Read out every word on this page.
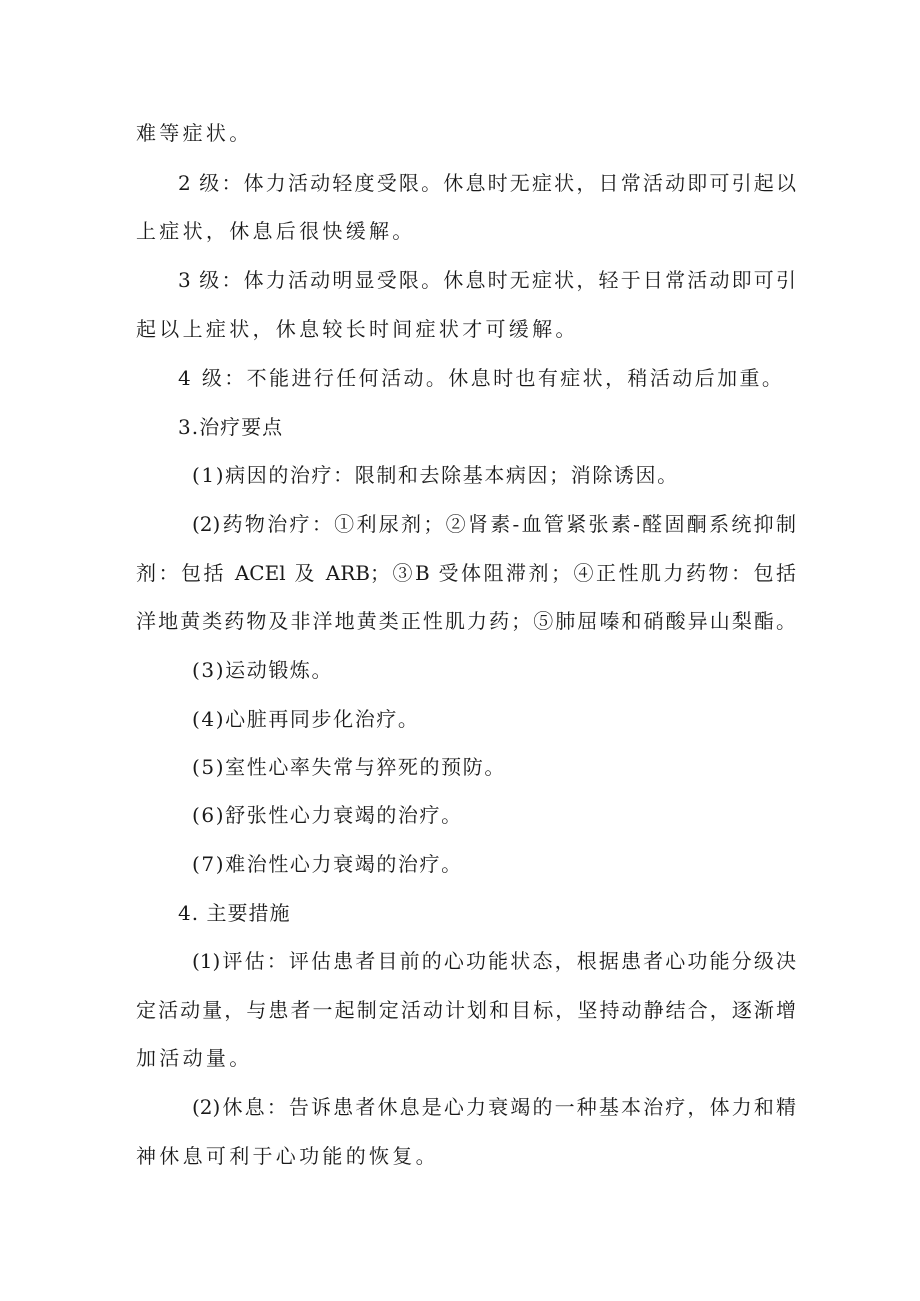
难等症状。
2 级：体力活动轻度受限。休息时无症状，日常活动即可引起以
上症状，休息后很快缓解。
3 级：体力活动明显受限。休息时无症状，轻于日常活动即可引
起以上症状，休息较长时间症状才可缓解。
4 级：不能进行任何活动。休息时也有症状，稍活动后加重。
3.治疗要点
(1)病因的治疗：限制和去除基本病因；消除诱因。
(2)药物治疗：①利尿剂；②肾素-血管紧张素-醛固酮系统抑制
剂：包括 ACEl 及 ARB；③B 受体阻滞剂；④正性肌力药物：包括
洋地黄类药物及非洋地黄类正性肌力药；⑤肺屈嗪和硝酸异山梨酯。
(3)运动锻炼。
(4)心脏再同步化治疗。
(5)室性心率失常与猝死的预防。
(6)舒张性心力衰竭的治疗。
(7)难治性心力衰竭的治疗。
4. 主要措施
(1)评估：评估患者目前的心功能状态，根据患者心功能分级决
定活动量，与患者一起制定活动计划和目标，坚持动静结合，逐渐增
加活动量。
(2)休息：告诉患者休息是心力衰竭的一种基本治疗，体力和精
神休息可利于心功能的恢复。
